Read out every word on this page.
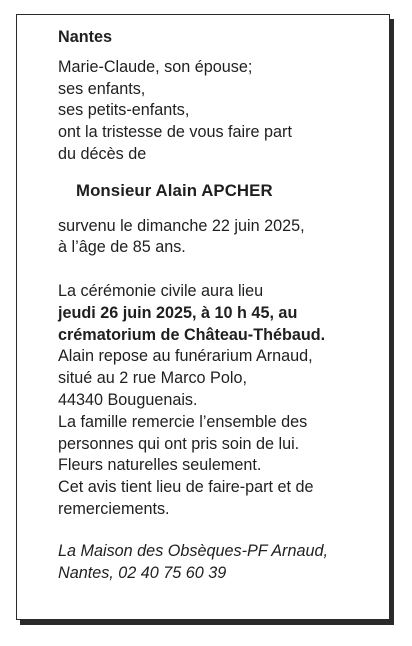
Nantes
Marie-Claude, son épouse;
ses enfants,
ses petits-enfants,
ont la tristesse de vous faire part
du décès de
Monsieur Alain APCHER
survenu le dimanche 22 juin 2025,
à l’âge de 85 ans.
La cérémonie civile aura lieu
jeudi 26 juin 2025, à 10 h 45, au
crématorium de Château-Thébaud.
Alain repose au funérarium Arnaud,
situé au 2 rue Marco Polo,
44340 Bouguenais.
La famille remercie l’ensemble des
personnes qui ont pris soin de lui.
Fleurs naturelles seulement.
Cet avis tient lieu de faire-part et de
remerciements.
La Maison des Obsèques-PF Arnaud,
Nantes, 02 40 75 60 39
